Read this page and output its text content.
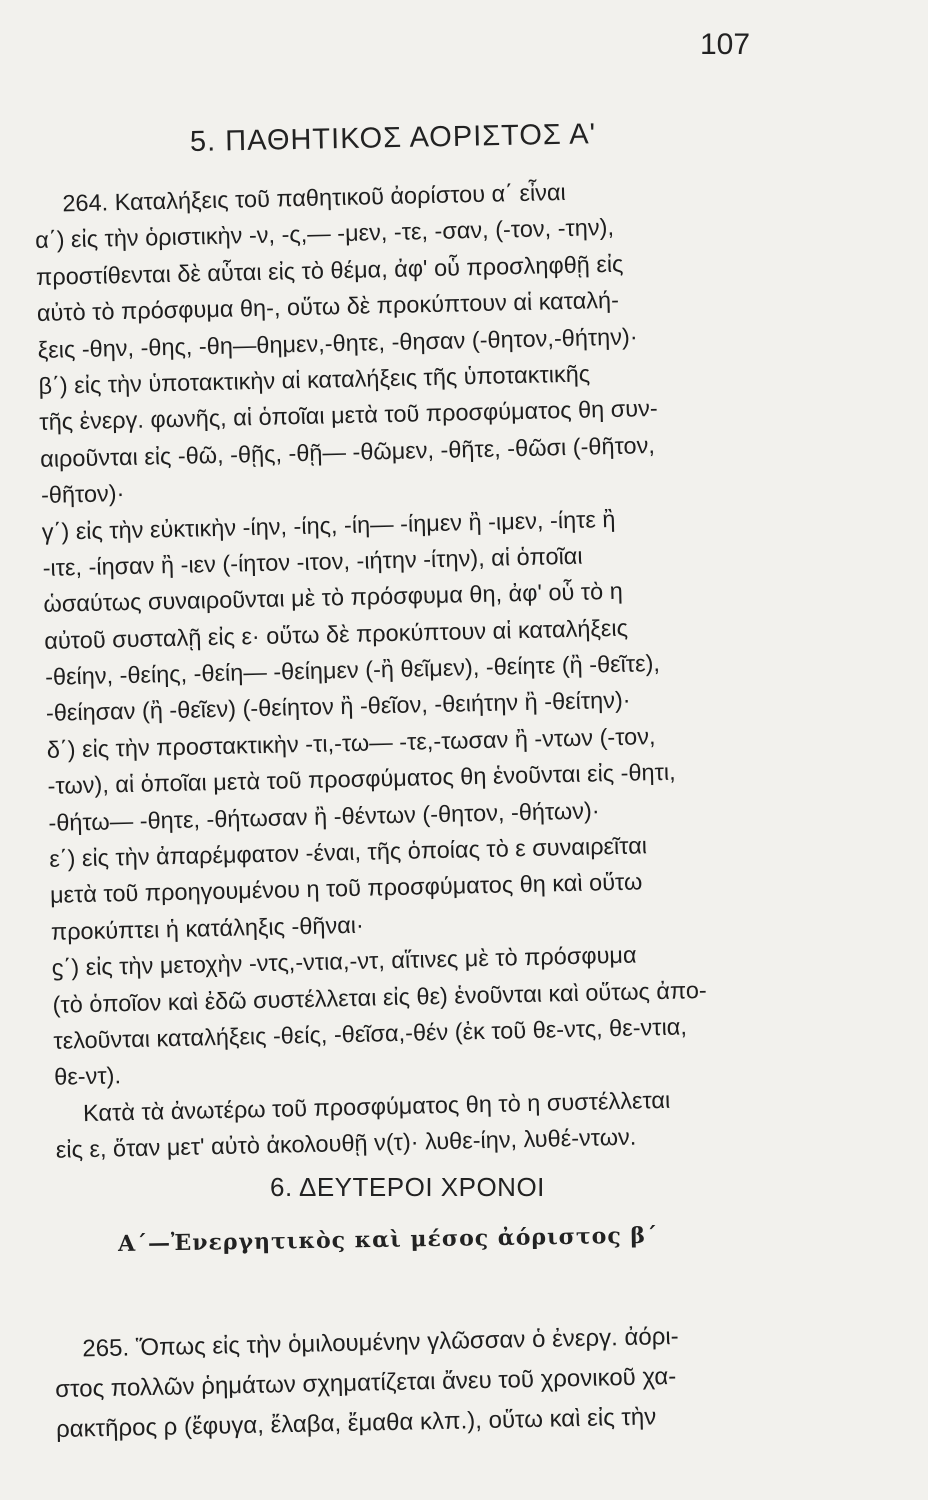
107
5. ΠΑΘΗΤΙΚΟΣ ΑΟΡΙΣΤΟΣ Α'
264. Καταλήξεις τοῦ παθητικοῦ ἀορίστου α΄ εἶναι
α΄) εἰς τὴν ὁριστικὴν -ν, -ς,— -μεν, -τε, -σαν, (-τον, -την),
προστίθενται δὲ αὗται εἰς τὸ θέμα, ἀφ' οὗ προσληφθῇ εἰς
αὐτὸ τὸ πρόσφυμα θη-, οὕτω δὲ προκύπτουν αἱ καταλή-
ξεις -θην, -θης, -θη—θημεν,-θητε, -θησαν (-θητον,-θήτην)·
β΄) εἰς τὴν ὑποτακτικὴν αἱ καταλήξεις τῆς ὑποτακτικῆς
τῆς ἐνεργ. φωνῆς, αἱ ὁποῖαι μετὰ τοῦ προσφύματος θη συν-
αιροῦνται εἰς -θῶ, -θῇς, -θῇ— -θῶμεν, -θῆτε, -θῶσι (-θῆτον,
-θῆτον)·
γ΄) εἰς τὴν εὐκτικὴν -ίην, -ίης, -ίη— -ίημεν ἢ -ιμεν, -ίητε ἢ
-ιτε, -ίησαν ἢ -ιεν (-ίητον -ιτον, -ιήτην -ίτην), αἱ ὁποῖαι
ὡσαύτως συναιροῦνται μὲ τὸ πρόσφυμα θη, ἀφ' οὗ τὸ η
αὐτοῦ συσταλῇ εἰς ε· οὕτω δὲ προκύπτουν αἱ καταλήξεις
-θείην, -θείης, -θείη— -θείημεν (-ἢ θεῖμεν), -θείητε (ἢ -θεῖτε),
-θείησαν (ἢ -θεῖεν) (-θείητον ἢ -θεῖον, -θειήτην ἢ -θείτην)·
δ΄) εἰς τὴν προστακτικὴν -τι,-τω— -τε,-τωσαν ἢ -ντων (-τον,
-των), αἱ ὁποῖαι μετὰ τοῦ προσφύματος θη ἑνοῦνται εἰς -θητι,
-θήτω— -θητε, -θήτωσαν ἢ -θέντων (-θητον, -θήτων)·
ε΄) εἰς τὴν ἀπαρέμφατον -έναι, τῆς ὁποίας τὸ ε συναιρεῖται
μετὰ τοῦ προηγουμένου η τοῦ προσφύματος θη καὶ οὕτω
προκύπτει ἡ κατάληξις -θῆναι·
ϛ΄) εἰς τὴν μετοχὴν -ντς,-ντια,-ντ, αἵτινες μὲ τὸ πρόσφυμα
(τὸ ὁποῖον καὶ ἐδῶ συστέλλεται εἰς θε) ἑνοῦνται καὶ οὕτως ἀπο-
τελοῦνται καταλήξεις -θείς, -θεῖσα,-θέν (ἐκ τοῦ θε-ντς, θε-ντια,
θε-ντ).
Κατὰ τὰ ἀνωτέρω τοῦ προσφύματος θη τὸ η συστέλλεται
εἰς ε, ὅταν μετ' αὐτὸ ἀκολουθῇ ν(τ)· λυθε-ίην, λυθέ-ντων.
6. ΔΕΥΤΕΡΟΙ ΧΡΟΝΟΙ
Α΄—Ἐνεργητικὸς καὶ μέσος ἀόριστος β΄
265. Ὅπως εἰς τὴν ὁμιλουμένην γλῶσσαν ὁ ἐνεργ. ἀόρι-
στος πολλῶν ῥημάτων σχηματίζεται ἄνευ τοῦ χρονικοῦ χα-
ρακτῆρος ρ (ἔφυγα, ἔλαβα, ἔμαθα κλπ.), οὕτω καὶ εἰς τὴν
